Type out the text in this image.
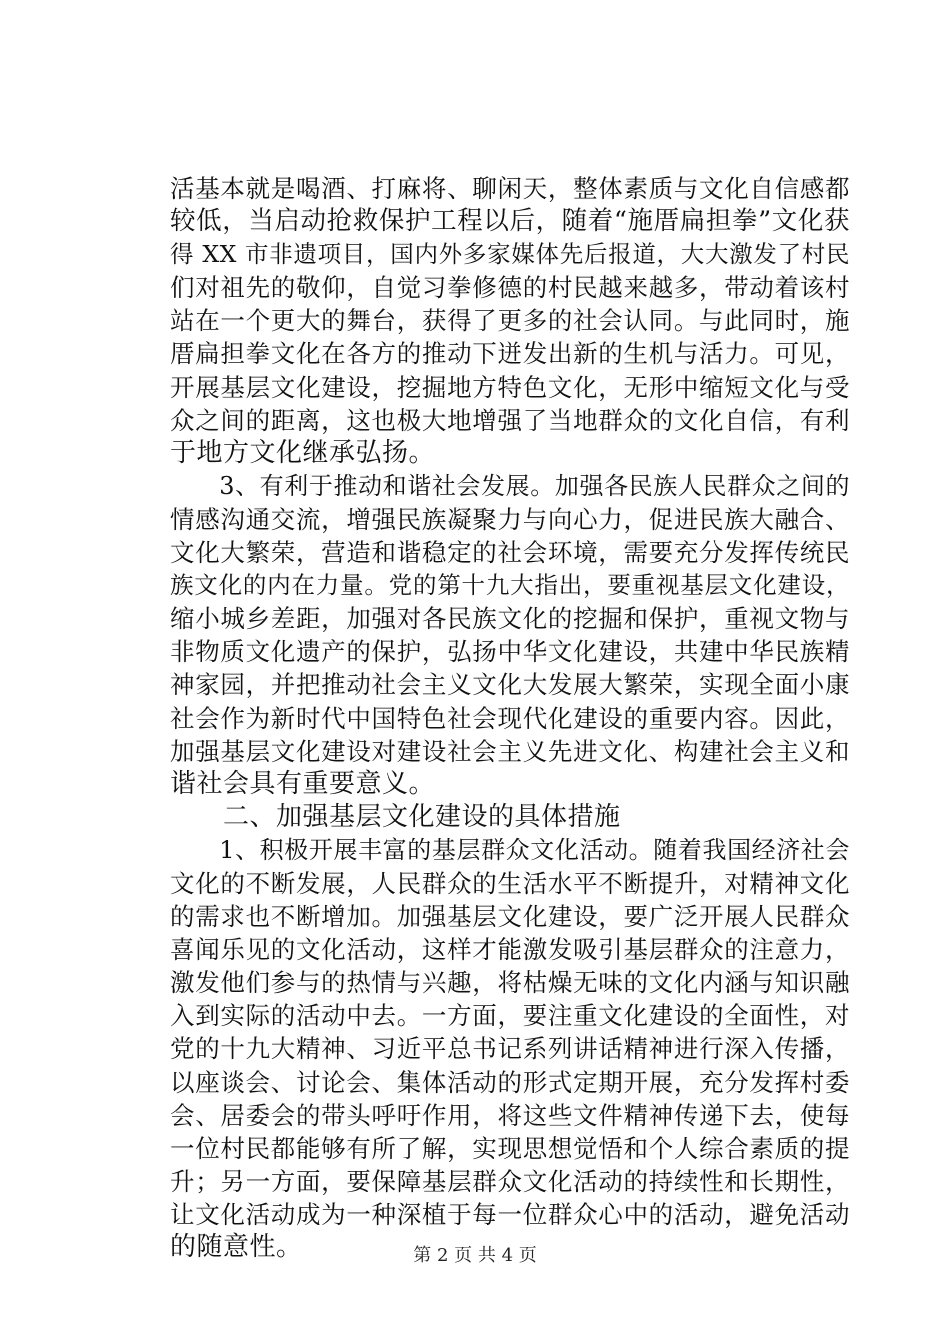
活基本就是喝酒、打麻将、聊闲天，整体素质与文化自信感都
较低，当启动抢救保护工程以后，随着“施厝扁担拳”文化获
得 XX 市非遗项目，国内外多家媒体先后报道，大大激发了村民
们对祖先的敬仰，自觉习拳修德的村民越来越多，带动着该村
站在一个更大的舞台，获得了更多的社会认同。与此同时，施
厝扁担拳文化在各方的推动下迸发出新的生机与活力。可见，
开展基层文化建设，挖掘地方特色文化，无形中缩短文化与受
众之间的距离，这也极大地增强了当地群众的文化自信，有利
于地方文化继承弘扬。
　　3、有利于推动和谐社会发展。加强各民族人民群众之间的
情感沟通交流，增强民族凝聚力与向心力，促进民族大融合、
文化大繁荣，营造和谐稳定的社会环境，需要充分发挥传统民
族文化的内在力量。党的第十九大指出，要重视基层文化建设，
缩小城乡差距，加强对各民族文化的挖掘和保护，重视文物与
非物质文化遗产的保护，弘扬中华文化建设，共建中华民族精
神家园，并把推动社会主义文化大发展大繁荣，实现全面小康
社会作为新时代中国特色社会现代化建设的重要内容。因此，
加强基层文化建设对建设社会主义先进文化、构建社会主义和
谐社会具有重要意义。
　　二、加强基层文化建设的具体措施
　　1、积极开展丰富的基层群众文化活动。随着我国经济社会
文化的不断发展，人民群众的生活水平不断提升，对精神文化
的需求也不断增加。加强基层文化建设，要广泛开展人民群众
喜闻乐见的文化活动，这样才能激发吸引基层群众的注意力，
激发他们参与的热情与兴趣，将枯燥无味的文化内涵与知识融
入到实际的活动中去。一方面，要注重文化建设的全面性，对
党的十九大精神、习近平总书记系列讲话精神进行深入传播，
以座谈会、讨论会、集体活动的形式定期开展，充分发挥村委
会、居委会的带头呼吁作用，将这些文件精神传递下去，使每
一位村民都能够有所了解，实现思想觉悟和个人综合素质的提
升；另一方面，要保障基层群众文化活动的持续性和长期性，
让文化活动成为一种深植于每一位群众心中的活动，避免活动
的随意性。	第 2 页 共 4 页
